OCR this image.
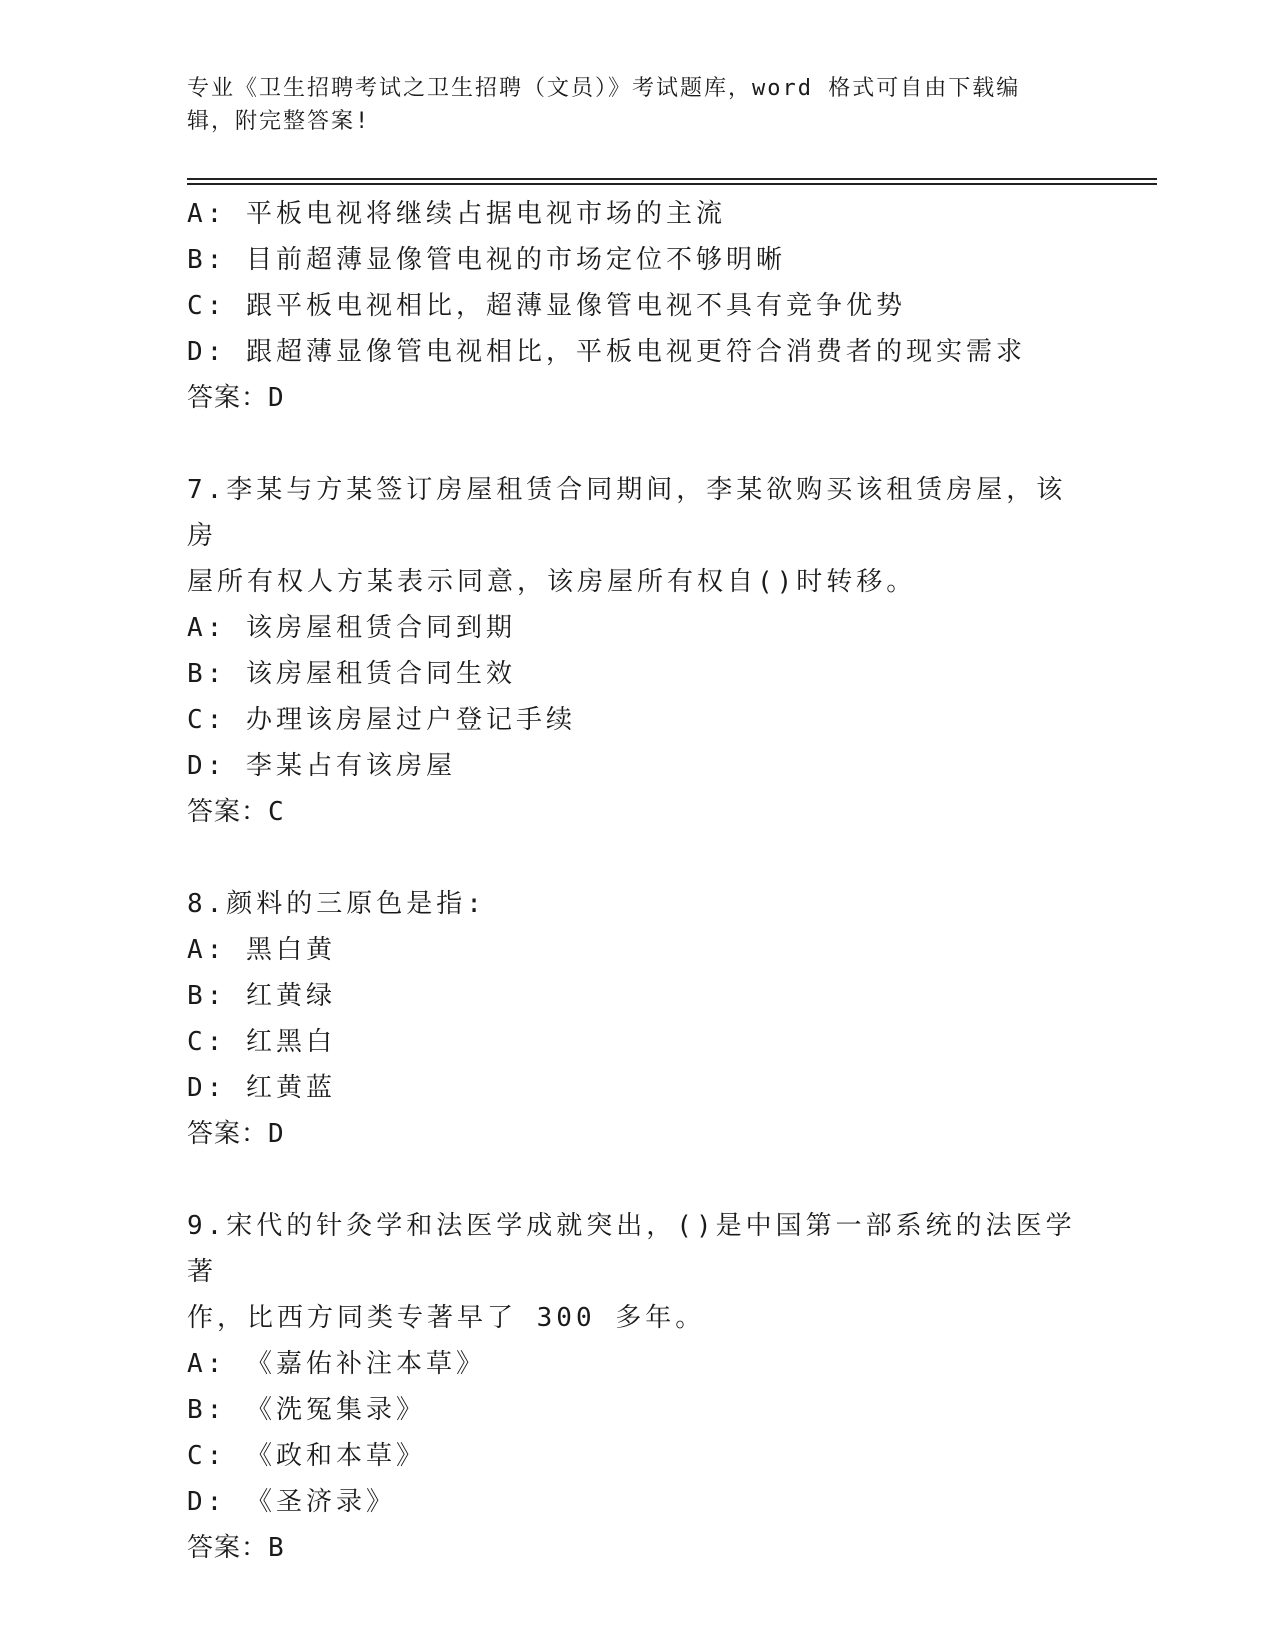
专业《卫生招聘考试之卫生招聘（文员）》考试题库，word 格式可自由下载编辑，附完整答案!
A: 平板电视将继续占据电视市场的主流
B: 目前超薄显像管电视的市场定位不够明晰
C: 跟平板电视相比，超薄显像管电视不具有竞争优势
D: 跟超薄显像管电视相比，平板电视更符合消费者的现实需求
答案：D
7.李某与方某签订房屋租赁合同期间，李某欲购买该租赁房屋，该房
屋所有权人方某表示同意，该房屋所有权自()时转移。
A: 该房屋租赁合同到期
B: 该房屋租赁合同生效
C: 办理该房屋过户登记手续
D: 李某占有该房屋
答案：C
8.颜料的三原色是指:
A: 黑白黄
B: 红黄绿
C: 红黑白
D: 红黄蓝
答案：D
9.宋代的针灸学和法医学成就突出，()是中国第一部系统的法医学著
作，比西方同类专著早了 300 多年。
A: 《嘉佑补注本草》
B: 《洗冤集录》
C: 《政和本草》
D: 《圣济录》
答案：B
